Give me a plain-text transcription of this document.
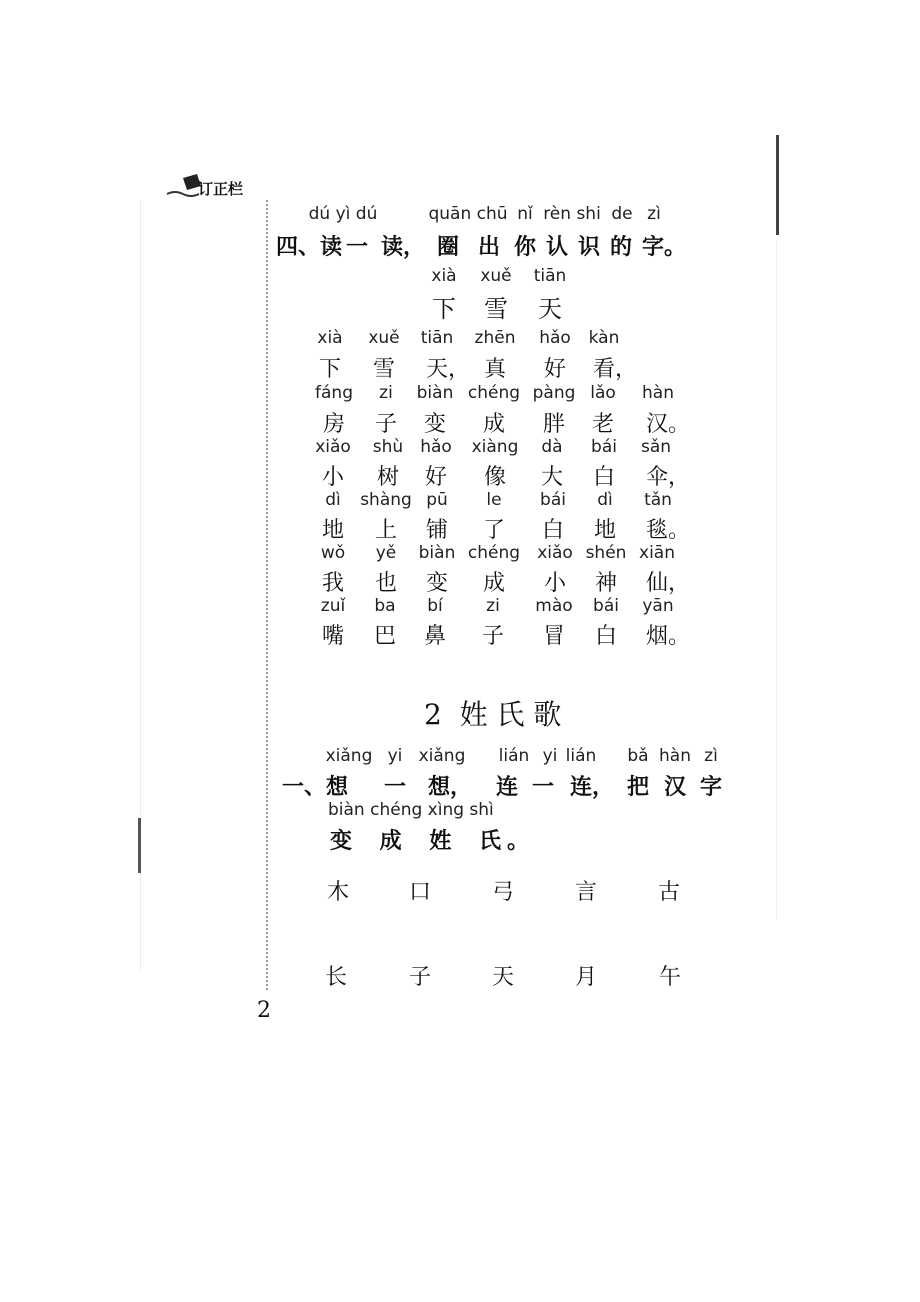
订正栏
dú yì dú	quān chū nǐ rèn shi de zì
四、读 一 读， 圈 出 你 认 识 的 字。
xià xuě tiān
下 雪 天
xià xuě tiān zhēn hǎo kàn
下 雪 天， 真 好 看，
fáng zi biàn chéng pàng lǎo hàn
房 子 变 成 胖 老 汉。
xiǎo shù hǎo xiàng dà bái sǎn
小 树 好 像 大 白 伞，
dì shàng pū le bái dì tǎn
地 上 铺 了 白 地 毯。
wǒ yě biàn chéng xiǎo shén xiān
我 也 变 成 小 神 仙，
zuǐ ba bí	zi mào bái yān
嘴 巴 鼻 子 冒 白 烟。
2  姓 氏 歌
xiǎng yi xiǎng lián yi lián bǎ hàn zì
一、想 一 想， 连 一 连， 把 汉 字
biàn chéng xìng shì
变 成 姓 氏。
木	口	弓	言	古
长	子	天	月	午
2
